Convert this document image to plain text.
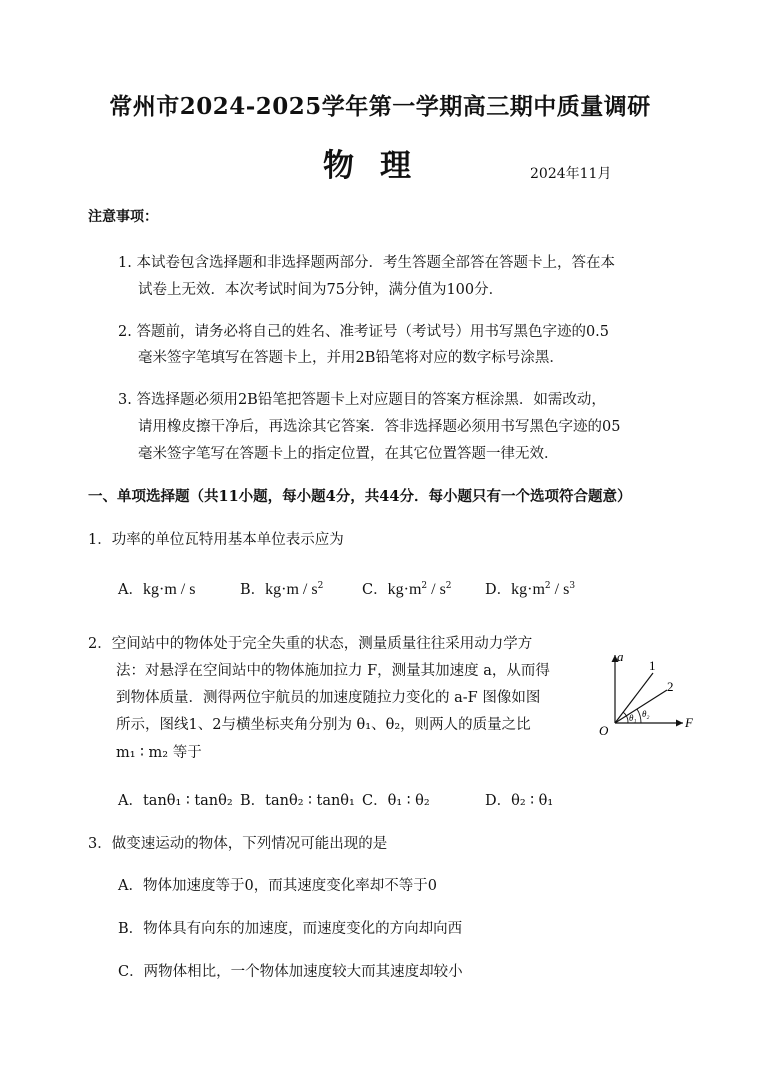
常州市2024-2025学年第一学期高三期中质量调研
物理	2024年11月
注意事项：
1. 本试卷包含选择题和非选择题两部分．考生答题全部答在答题卡上，答在本
试卷上无效．本次考试时间为75分钟，满分值为100分．
2. 答题前，请务必将自己的姓名、准考证号（考试号）用书写黑色字迹的0.5
毫米签字笔填写在答题卡上，并用2B铅笔将对应的数字标号涂黑．
3. 答选择题必须用2B铅笔把答题卡上对应题目的答案方框涂黑．如需改动，
请用橡皮擦干净后，再选涂其它答案．答非选择题必须用书写黑色字迹的05
毫米签字笔写在答题卡上的指定位置，在其它位置答题一律无效．
一、单项选择题（共11小题，每小题4分，共44分．每小题只有一个选项符合题意）
1．功率的单位瓦特用基本单位表示应为
A．kg·m / s	B．$kg\cdot m / s^2$	C．$kg\cdot m^2 / s^2$ D．$kg\cdot m^2 / s^3$
2．空间站中的物体处于完全失重的状态，测量质量往往采用动力学方
法：对悬浮在空间站中的物体施加拉力 F，测量其加速度 a，从而得
到物体质量．测得两位宇航员的加速度随拉力变化的 a-F 图像如图
所示，图线1、2与横坐标夹角分别为 θ₁、θ₂，则两人的质量之比
m₁ ∶ m₂ 等于
A．tanθ₁ ∶ tanθ₂ B．tanθ₂ ∶ tanθ₁ C．θ₁ ∶ θ₂	D．θ₂ ∶ θ₁
a
F
O
1
2
θ₁ θ₂
3．做变速运动的物体，下列情况可能出现的是
A．物体加速度等于0，而其速度变化率却不等于0
B．物体具有向东的加速度，而速度变化的方向却向西
C．两物体相比，一个物体加速度较大而其速度却较小
